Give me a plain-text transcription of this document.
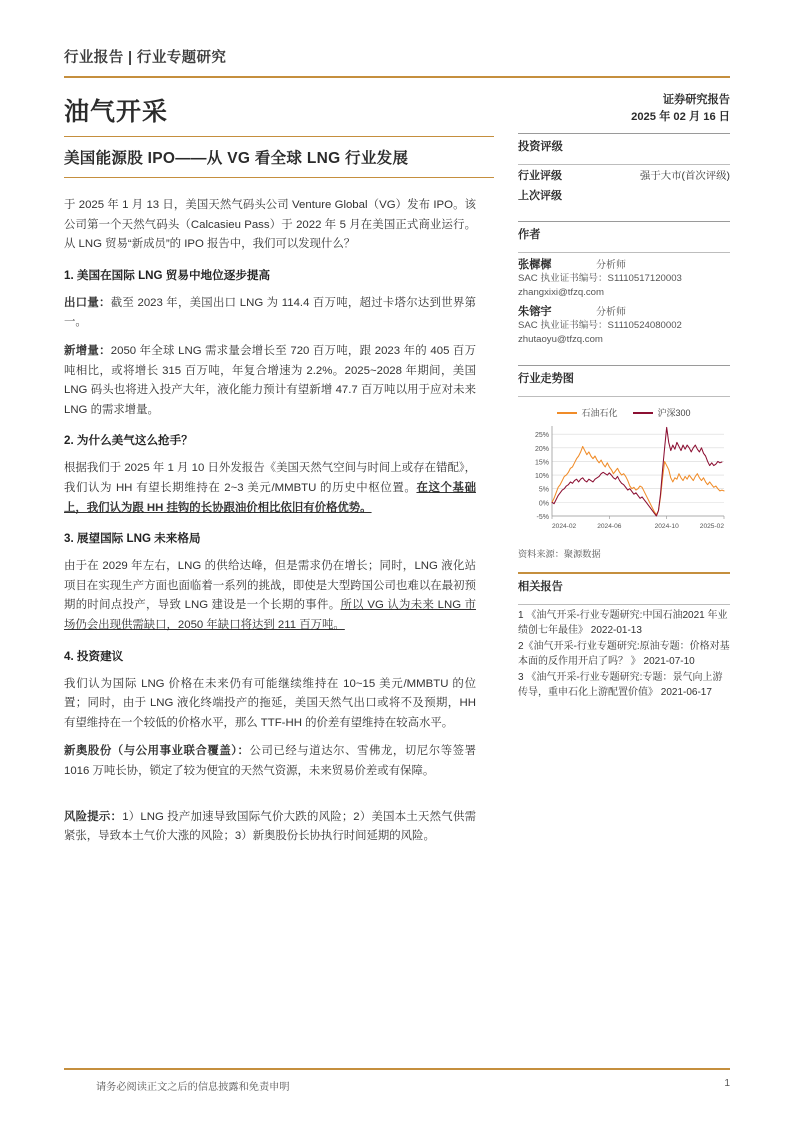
行业报告 | 行业专题研究
油气开采
美国能源股 IPO——从 VG 看全球 LNG 行业发展

于 2025 年 1 月 13 日，美国天然气码头公司 Venture Global（VG）发布 IPO。该公司第一个天然气码头（Calcasieu Pass）于 2022 年 5 月在美国正式商业运行。从 LNG 贸易“新成员”的 IPO 报告中，我们可以发现什么？

1. 美国在国际 LNG 贸易中地位逐步提高

出口量：截至 2023 年，美国出口 LNG 为 114.4 百万吨，超过卡塔尔达到世界第一。

新增量：2050 年全球 LNG 需求量会增长至 720 百万吨，跟 2023 年的 405 百万吨相比，或将增长 315 百万吨，年复合增速为 2.2%。2025~2028 年期间，美国 LNG 码头也将进入投产大年，液化能力预计有望新增 47.7 百万吨以用于应对未来 LNG 的需求增量。

2. 为什么美气这么抢手？

根据我们于 2025 年 1 月 10 日外发报告《美国天然气空间与时间上或存在错配》，我们认为 HH 有望长期维持在 2~3 美元/MMBTU 的历史中枢位置。在这个基础上，我们认为跟 HH 挂钩的长协跟油价相比依旧有价格优势。

3. 展望国际 LNG 未来格局

由于在 2029 年左右，LNG 的供给达峰，但是需求仍在增长；同时，LNG 液化站项目在实现生产方面也面临着一系列的挑战，即使是大型跨国公司也难以在最初预期的时间点投产，导致 LNG 建设是一个长期的事件。所以 VG 认为未来 LNG 市场仍会出现供需缺口，2050 年缺口将达到 211 百万吨。

4. 投资建议

我们认为国际 LNG 价格在未来仍有可能继续维持在 10~15 美元/MMBTU 的位置；同时，由于 LNG 液化终端投产的拖延，美国天然气出口或将不及预期，HH 有望维持在一个较低的价格水平，那么 TTF-HH 的价差有望维持在较高水平。

新奥股份（与公用事业联合覆盖）：公司已经与道达尔、雪佛龙，切尼尔等签署 1016 万吨长协，锁定了较为便宜的天然气资源，未来贸易价差或有保障。

风险提示：1）LNG 投产加速导致国际气价大跌的风险；2）美国本土天然气供需紧张，导致本土气价大涨的风险；3）新奥股份长协执行时间延期的风险。

证券研究报告
2025 年 02 月 16 日
投资评级
行业评级	强于大市(首次评级)
上次评级
作者
张樨樨	分析师
SAC 执业证书编号：S1110517120003
zhangxixi@tfzq.com
朱镕宇	分析师
SAC 执业证书编号：S1110524080002
zhutaoyu@tfzq.com
行业走势图
石油石化	沪深300
-5%
0%
5%
10%
15%
20%
25%
2024-02	2024-06	2024-10	2025-02
资料来源：聚源数据
相关报告
1 《油气开采-行业专题研究:中国石油2021 年业绩创七年最佳》 2022-01-13
2《油气开采-行业专题研究:原油专题：价格对基本面的反作用开启了吗？ 》 2021-07-10
3 《油气开采-行业专题研究:专题：景气向上游传导，重申石化上游配置价值》 2021-06-17
请务必阅读正文之后的信息披露和免责申明	1
